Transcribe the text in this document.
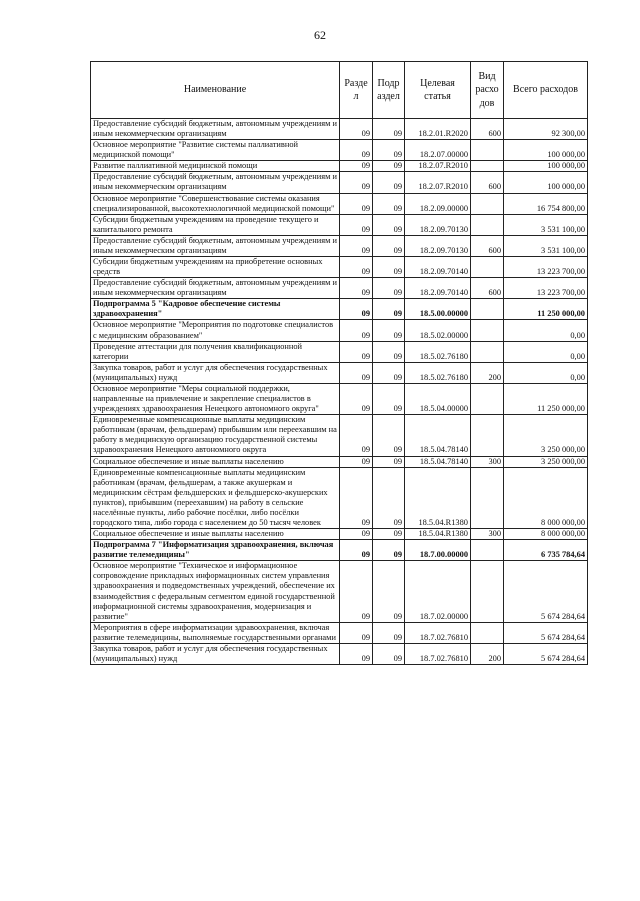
62
Наименование	Разде л	Подр аздел	Целевая статья	Вид расхо дов	Всего расходов
Предоставление субсидий бюджетным, автономным учреждениям и иным некоммерческим организациям	09	09	18.2.01.R2020	600	92 300,00
Основное мероприятие "Развитие системы паллиативной медицинской помощи"	09	09	18.2.07.00000		100 000,00
Развитие паллиативной медицинской помощи	09	09	18.2.07.R2010		100 000,00
Предоставление субсидий бюджетным, автономным учреждениям и иным некоммерческим организациям	09	09	18.2.07.R2010	600	100 000,00
Основное мероприятие "Совершенствование системы оказания специализированной, высокотехнологичной медицинской помощи"	09	09	18.2.09.00000		16 754 800,00
Субсидии бюджетным учреждениям на проведение текущего и капитального ремонта	09	09	18.2.09.70130		3 531 100,00
Предоставление субсидий бюджетным, автономным учреждениям и иным некоммерческим организациям	09	09	18.2.09.70130	600	3 531 100,00
Субсидии бюджетным учреждениям на приобретение основных средств	09	09	18.2.09.70140		13 223 700,00
Предоставление субсидий бюджетным, автономным учреждениям и иным некоммерческим организациям	09	09	18.2.09.70140	600	13 223 700,00
Подпрограмма 5 "Кадровое обеспечение системы здравоохранения"	09	09	18.5.00.00000		11 250 000,00
Основное мероприятие "Мероприятия по подготовке специалистов с медицинским образованием"	09	09	18.5.02.00000		0,00
Проведение аттестации для получения квалификационной категории	09	09	18.5.02.76180		0,00
Закупка товаров, работ и услуг для обеспечения государственных (муниципальных) нужд	09	09	18.5.02.76180	200	0,00
Основное мероприятие "Меры социальной поддержки, направленные на привлечение и закрепление специалистов в учреждениях здравоохранения Ненецкого автономного округа"	09	09	18.5.04.00000		11 250 000,00
Единовременные компенсационные выплаты медицинским работникам (врачам, фельдшерам) прибывшим или переехавшим на работу в медицинскую организацию государственной системы здравоохранения Ненецкого автономного округа	09	09	18.5.04.78140		3 250 000,00
Социальное обеспечение и иные выплаты населению	09	09	18.5.04.78140	300	3 250 000,00
Единовременные компенсационные выплаты медицинским работникам (врачам, фельдшерам, а также акушеркам и медицинским сёстрам фельдшерских и фельдшерско-акушерских пунктов), прибывшим (переехавшим) на работу в сельские населённые пункты, либо рабочие посёлки, либо посёлки городского типа, либо города с населением до 50 тысяч человек	09	09	18.5.04.R1380		8 000 000,00
Социальное обеспечение и иные выплаты населению	09	09	18.5.04.R1380	300	8 000 000,00
Подпрограмма 7 "Информатизация здравоохранения, включая развитие телемедицины"	09	09	18.7.00.00000		6 735 784,64
Основное мероприятие "Техническое и информационное сопровождение прикладных информационных систем управления здравоохранения и подведомственных учреждений, обеспечение их взаимодействия с федеральным сегментом единой государственной информационной системы здравоохранения, модернизация и развитие"	09	09	18.7.02.00000		5 674 284,64
Мероприятия в сфере информатизации здравоохранения, включая развитие телемедицины, выполняемые государственными органами	09	09	18.7.02.76810		5 674 284,64
Закупка товаров, работ и услуг для обеспечения государственных (муниципальных) нужд	09	09	18.7.02.76810	200	5 674 284,64
